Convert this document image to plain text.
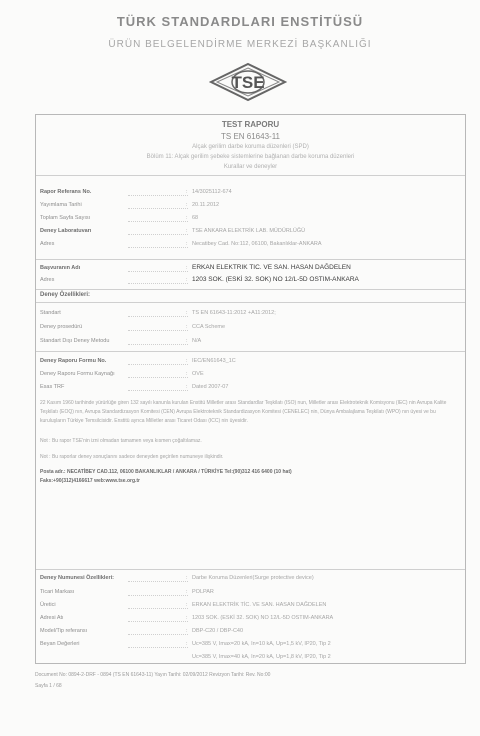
TÜRK STANDARDLARI ENSTİTÜSÜ
ÜRÜN BELGELENDİRME MERKEZİ BAŞKANLIĞI
TSE
TEST RAPORU
TS EN 61643-11
Alçak gerilim darbe koruma düzenleri (SPD)
Bölüm 11: Alçak gerilim şebeke sistemlerine bağlanan darbe koruma düzenleri
Kurallar ve deneyler
Rapor Referans No.	: 14/3025112-674
Yayımlama Tarihi	: 20.11.2012
Toplam Sayfa Sayısı	: 68
Deney Laboratuvarı	: TSE ANKARA ELEKTRİK LAB. MÜDÜRLÜĞÜ
Adres	: Necatibey Cad. No:112, 06100, Bakanlıklar-ANKARA
Başvuranın Adı	: ERKAN ELEKTRIK TIC. VE SAN. HASAN DAĞDELEN
Adres	: 1203 SOK. (ESKİ 32. SOK) NO 12/L-5D OSTIM-ANKARA
Deney Özellikleri:
Standart	: TS EN 61643-11:2012 +A11:2012;
Deney prosedürü	: CCA Scheme
Standart Dışı Deney Metodu	: N/A
Deney Raporu Formu No.	: IEC/EN61643_1C
Deney Raporu Formu Kaynağı	: OVE
Esas TRF	: Dated 2007-07
22 Kasım 1960 tarihinde yürürlüğe giren 132 sayılı kanunla kurulan Enstitü Milletler arası Standardlar Teşkilatı (ISO) nun, Milletler arası Elektroteknik Komisyonu (IEC) nin Avrupa Kalite Teşkilatı (EOQ) nın, Avrupa Standardizasyon Komitesi (CEN) Avrupa Elektroteknik Standardizasyon Komitesi (CENELEC) nin, Dünya Ambalajlama Teşkilatı (WPO) nın üyesi ve bu kuruluşların Türkiye Temsilcisidir. Enstitü ayrıca Milletler arası Ticaret Odası (ICC) nin üyesidir.
Not : Bu rapor TSE'nin izni olmadan tamamen veya kısmen çoğaltılamaz.
Not : Bu raporlar deney sonuçlarını sadece deneyden geçirilen numuneye ilişkindir.
Posta adr.: NECATİBEY CAD.112, 06100 BAKANLIKLAR / ANKARA / TÜRKİYE Tel:(90)312 416 6400 (10 hat)
Faks:+90(312)4166617 web:www.tse.org.tr
Deney Numunesi Özellikleri:	: Darbe Koruma Düzenleri(Surge protective device)
Ticari Markası	: POLPAR
Üretici	: ERKAN ELEKTRİK TİC. VE SAN. HASAN DAĞDELEN
Adresi Atı	: 1203 SOK. (ESKİ 32. SOK) NO 12/L-5D OSTIM-ANKARA
Model/Tip referansı	: DBP-C20 / DBP-C40
Beyan Değerleri	: Uc=385 V, Imax=20 kA, In=10 kA, Up=1,5 kV, IP20, Tip 2
Uc=385 V, Imax=40 kA, In=20 kA, Up=1,8 kV, IP20, Tip 2
Document No: 0894-2-DRF - 0894 (TS EN 61643-11) Yayın Tarihi: 02/09/2012 Revizyon Tarihi: Rev. No:00
Sayfa 1 / 68
